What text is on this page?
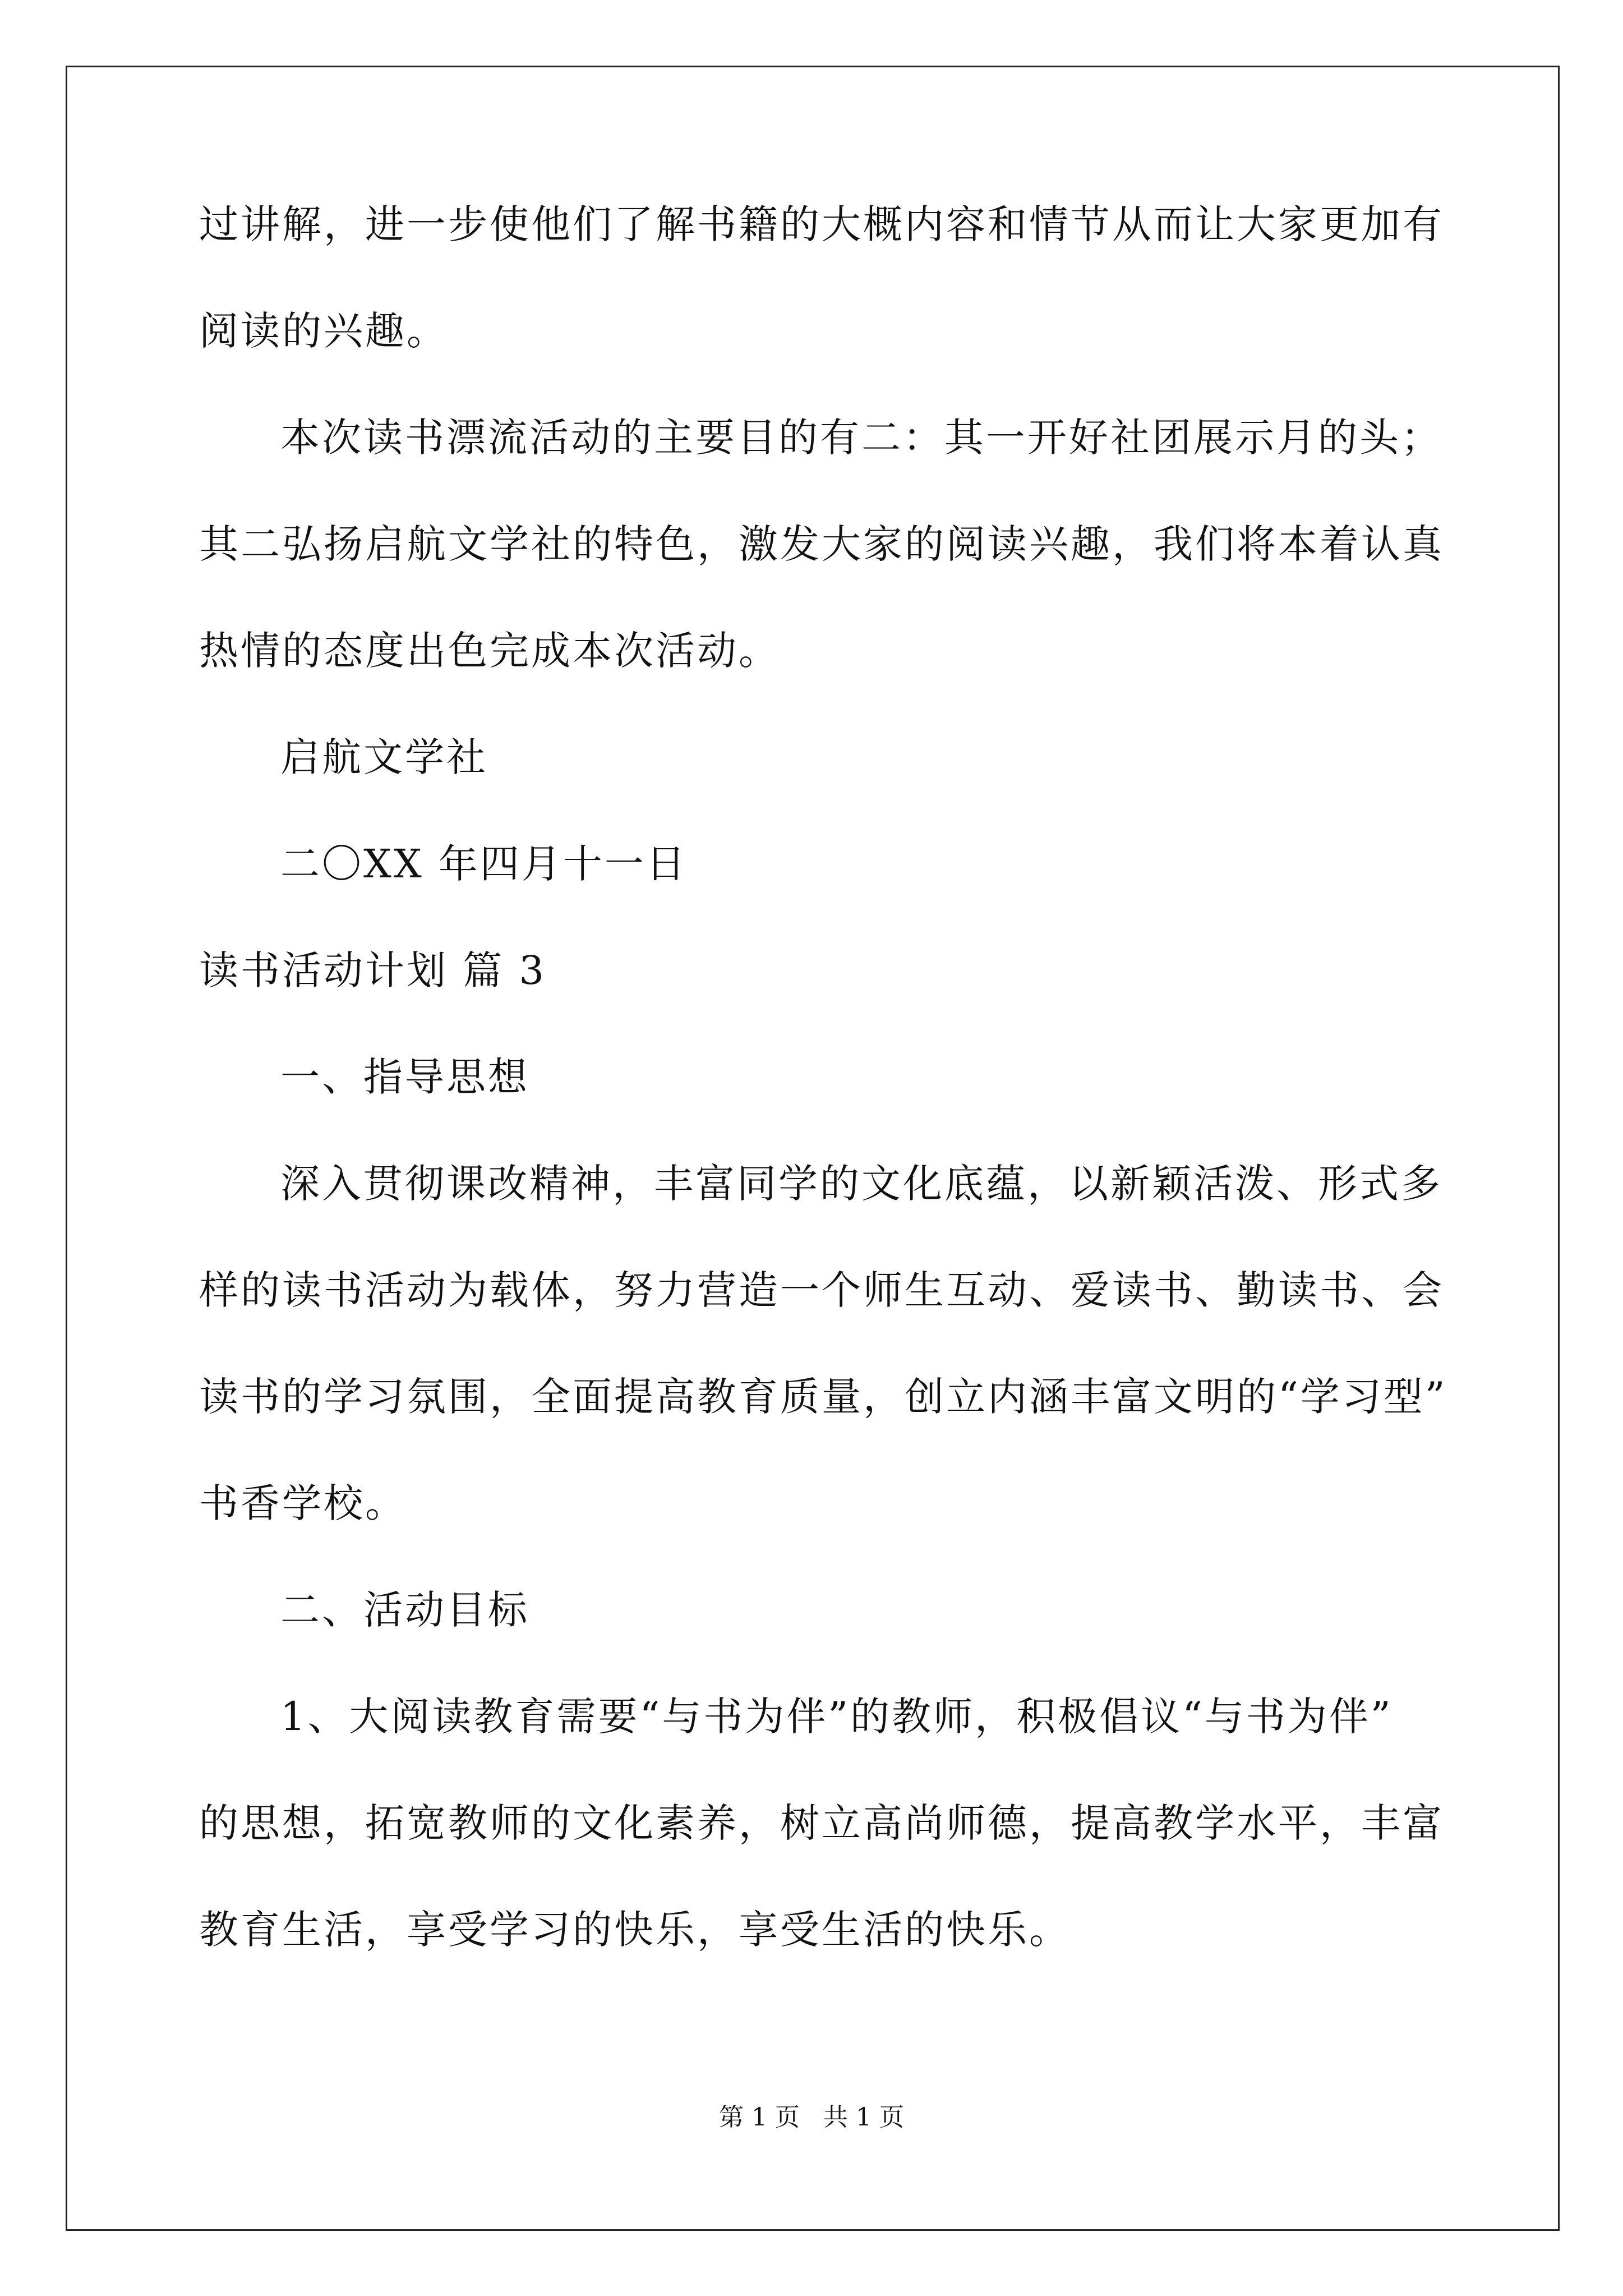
过讲解，进一步使他们了解书籍的大概内容和情节从而让大家更加有
阅读的兴趣。
本次读书漂流活动的主要目的有二：其一开好社团展示月的头；
其二弘扬启航文学社的特色，激发大家的阅读兴趣，我们将本着认真
热情的态度出色完成本次活动。
启航文学社
二〇XX 年四月十一日
读书活动计划 篇 3
一、指导思想
深入贯彻课改精神，丰富同学的文化底蕴，以新颖活泼、形式多
样的读书活动为载体，努力营造一个师生互动、爱读书、勤读书、会
读书的学习氛围，全面提高教育质量，创立内涵丰富文明的“学习型”
书香学校。
二、活动目标
1、大阅读教育需要“与书为伴”的教师，积极倡议“与书为伴”
的思想，拓宽教师的文化素养，树立高尚师德，提高教学水平，丰富
教育生活，享受学习的快乐，享受生活的快乐。
第 1 页   共 1 页
